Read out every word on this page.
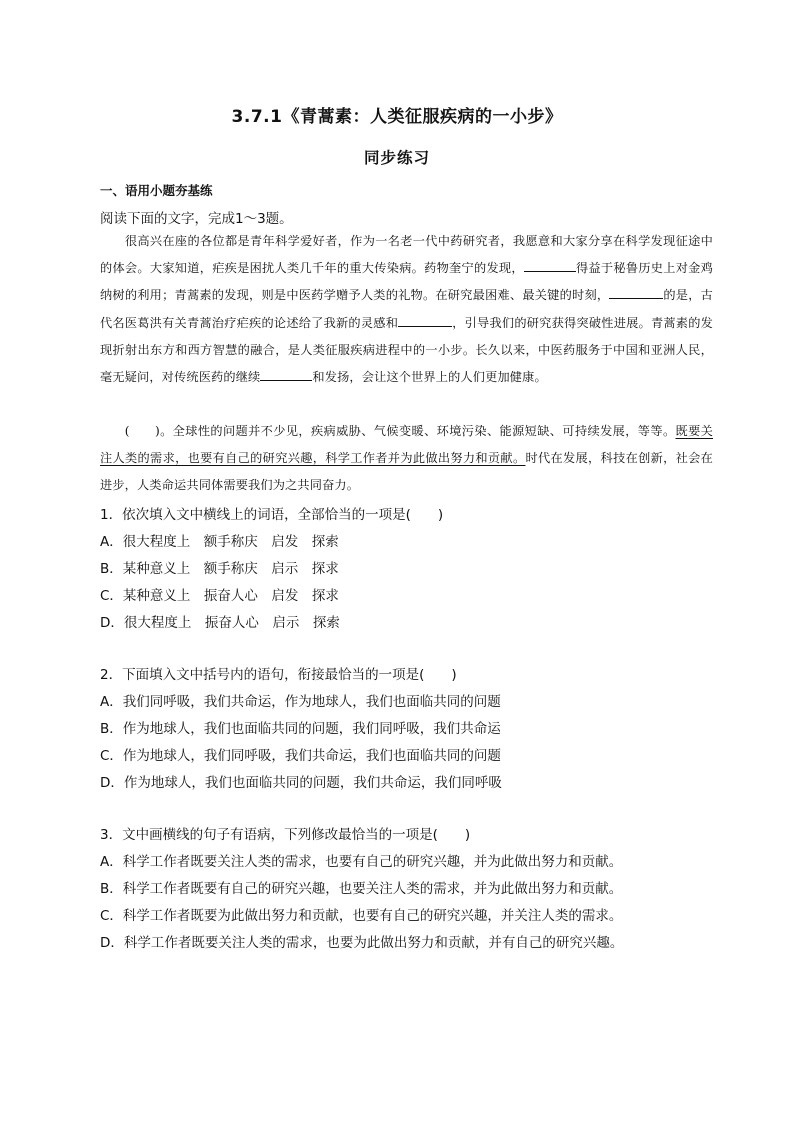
3.7.1《青蒿素：人类征服疾病的一小步》
同步练习
一、语用小题夯基练
阅读下面的文字，完成1～3题。
  很高兴在座的各位都是青年科学爱好者，作为一名老一代中药研究者，我愿意和大家分享在科学发现征途中的体会。大家知道，疟疾是困扰人类几千年的重大传染病。药物奎宁的发现，	得益于秘鲁历史上对金鸡纳树的利用；青蒿素的发现，则是中医药学赠予人类的礼物。在研究最困难、最关键的时刻，	的是，古代名医葛洪有关青蒿治疗疟疾的论述给了我新的灵感和	，引导我们的研究获得突破性进展。青蒿素的发现折射出东方和西方智慧的融合，是人类征服疾病进程中的一小步。长久以来，中医药服务于中国和亚洲人民，毫无疑问，对传统医药的继续	和发扬，会让这个世界上的人们更加健康。
  (　　)。全球性的问题并不少见，疾病威胁、气候变暖、环境污染、能源短缺、可持续发展，等等。既要关注人类的需求，也要有自己的研究兴趣，科学工作者并为此做出努力和贡献。时代在发展，科技在创新，社会在进步，人类命运共同体需要我们为之共同奋力。
1．依次填入文中横线上的词语，全部恰当的一项是(　　)
A．很大程度上　额手称庆　启发　探索
B．某种意义上　额手称庆　启示　探求
C．某种意义上　振奋人心　启发　探求
D．很大程度上　振奋人心　启示　探索
2．下面填入文中括号内的语句，衔接最恰当的一项是(　　)
A．我们同呼吸，我们共命运，作为地球人，我们也面临共同的问题
B．作为地球人，我们也面临共同的问题，我们同呼吸，我们共命运
C．作为地球人，我们同呼吸，我们共命运，我们也面临共同的问题
D．作为地球人，我们也面临共同的问题，我们共命运，我们同呼吸
3．文中画横线的句子有语病，下列修改最恰当的一项是(　　)
A．科学工作者既要关注人类的需求，也要有自己的研究兴趣，并为此做出努力和贡献。
B．科学工作者既要有自己的研究兴趣，也要关注人类的需求，并为此做出努力和贡献。
C．科学工作者既要为此做出努力和贡献，也要有自己的研究兴趣，并关注人类的需求。
D．科学工作者既要关注人类的需求，也要为此做出努力和贡献，并有自己的研究兴趣。
